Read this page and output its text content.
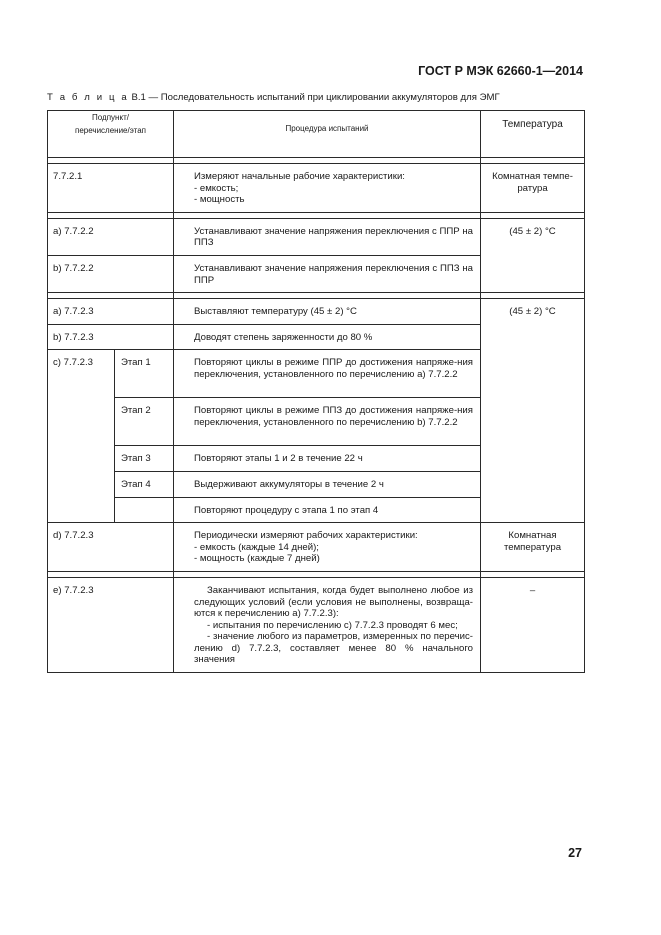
ГОСТ Р МЭК 62660-1—2014
Т а б л и ц а В.1 — Последовательность испытаний при циклировании аккумуляторов для ЭМГ
Подпункт/
перечисление/этап		Процедура испытаний	Температура

7.7.2.1		Измеряют начальные рабочие характеристики:
- емкость;
- мощность	Комнатная темпе-ратура

a) 7.7.2.2		Устанавливают значение напряжения переключения с ППР на ППЗ	(45 ± 2) °С
b) 7.7.2.2		Устанавливают значение напряжения переключения с ППЗ на ППР	

a) 7.7.2.3		Выставляют температуру (45 ± 2) °С	(45 ± 2) °С
b) 7.7.2.3		Доводят степень заряженности до 80 %	
c) 7.7.2.3	Этап 1	Повторяют циклы в режиме ППР до достижения напряже-ния переключения, установленного по перечислению a) 7.7.2.2	
	Этап 2	Повторяют циклы в режиме ППЗ до достижения напряже-ния переключения, установленного по перечислению b) 7.7.2.2	
	Этап 3	Повторяют этапы 1 и 2 в течение 22 ч	
	Этап 4	Выдерживают аккумуляторы в течение 2 ч	
		Повторяют процедуру с этапа 1 по этап 4	
d) 7.7.2.3		Периодически измеряют рабочих характеристики:
- емкость (каждые 14 дней);
- мощность (каждые 7 дней)	Комнатная температура

e) 7.7.2.3		Заканчивают испытания, когда будет выполнено любое из следующих условий (если условия не выполнены, возвраща-ются к перечислению a) 7.7.2.3):
- испытания по перечислению c) 7.7.2.3 проводят 6 мес;
- значение любого из параметров, измеренных по перечис-лению d) 7.7.2.3, составляет менее 80 % начального значения	–
27
